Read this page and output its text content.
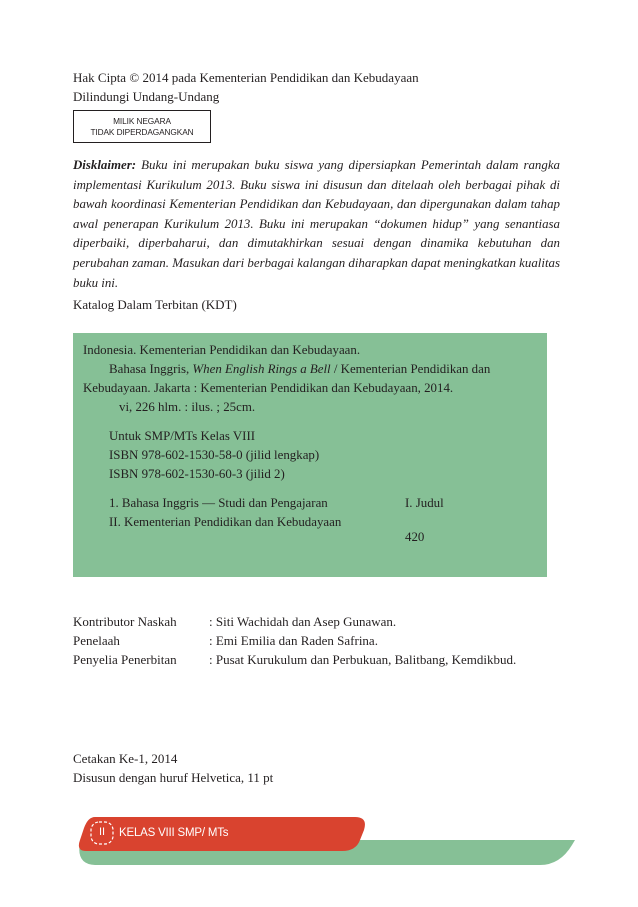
Hak Cipta © 2014 pada Kementerian Pendidikan dan Kebudayaan
Dilindungi Undang-Undang
MILIK NEGARA
TIDAK DIPERDAGANGKAN
Disklaimer: Buku ini merupakan buku siswa yang dipersiapkan Pemerintah dalam rangka implementasi Kurikulum 2013. Buku siswa ini disusun dan ditelaah oleh berbagai pihak di bawah koordinasi Kementerian Pendidikan dan Kebudayaan, dan dipergunakan dalam tahap awal penerapan Kurikulum 2013. Buku ini merupakan “dokumen hidup” yang senantiasa diperbaiki, diperbaharui, dan dimutakhirkan sesuai dengan dinamika kebutuhan dan perubahan zaman. Masukan dari berbagai kalangan diharapkan dapat meningkatkan kualitas buku ini.
Katalog Dalam Terbitan (KDT)
Indonesia. Kementerian Pendidikan dan Kebudayaan.
Bahasa Inggris, When English Rings a Bell / Kementerian Pendidikan dan
Kebudayaan. Jakarta : Kementerian Pendidikan dan Kebudayaan, 2014.
vi, 226 hlm. : ilus. ; 25cm.
Untuk SMP/MTs Kelas VIII
ISBN 978-602-1530-58-0 (jilid lengkap)
ISBN 978-602-1530-60-3 (jilid 2)
1. Bahasa Inggris — Studi dan Pengajaran	I. Judul
II. Kementerian Pendidikan dan Kebudayaan
420
Kontributor Naskah : Siti Wachidah dan Asep Gunawan.
Penelaah	: Emi Emilia dan Raden Safrina.
Penyelia Penerbitan : Pusat Kurukulum dan Perbukuan, Balitbang, Kemdikbud.
Cetakan Ke-1, 2014
Disusun dengan huruf Helvetica, 11 pt
II	KELAS VIII SMP/ MTs
